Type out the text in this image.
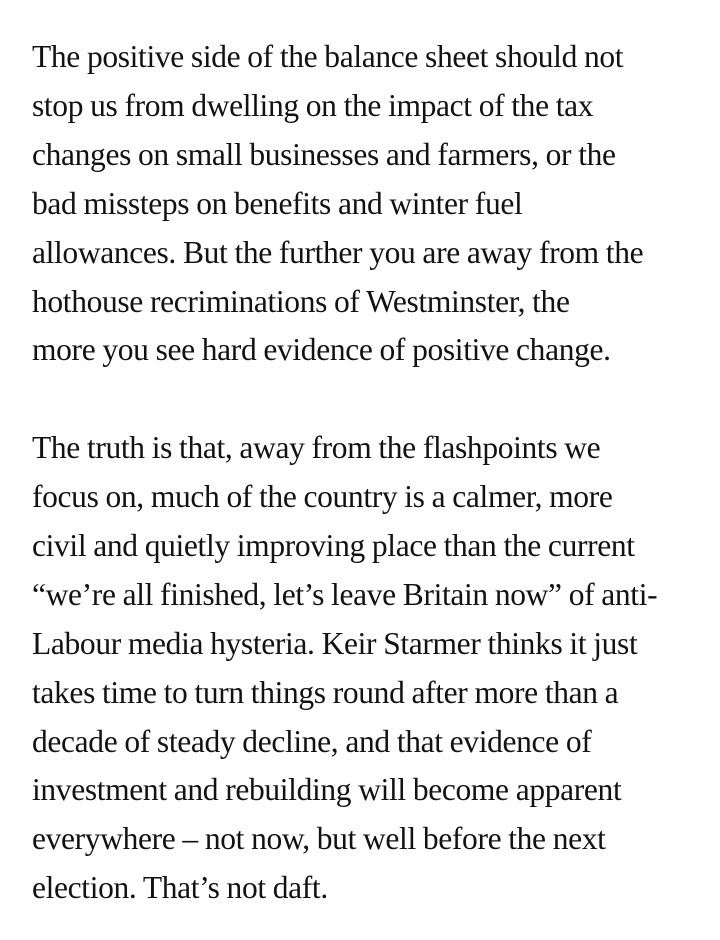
The positive side of the balance sheet should not
stop us from dwelling on the impact of the tax
changes on small businesses and farmers, or the
bad missteps on benefits and winter fuel
allowances. But the further you are away from the
hothouse recriminations of Westminster, the
more you see hard evidence of positive change.

The truth is that, away from the flashpoints we
focus on, much of the country is a calmer, more
civil and quietly improving place than the current
“we’re all finished, let’s leave Britain now” of anti-
Labour media hysteria. Keir Starmer thinks it just
takes time to turn things round after more than a
decade of steady decline, and that evidence of
investment and rebuilding will become apparent
everywhere – not now, but well before the next
election. That’s not daft.
